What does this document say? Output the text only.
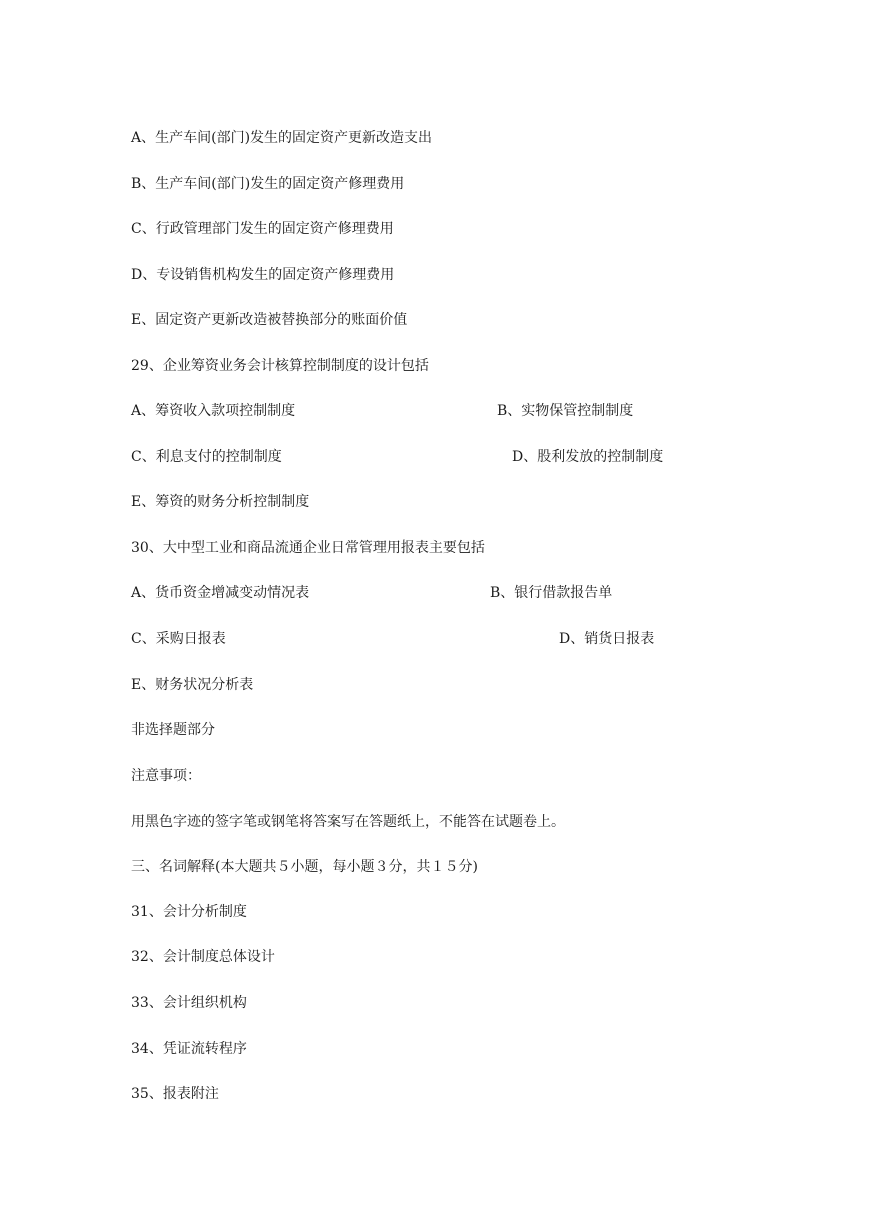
A、生产车间(部门)发生的固定资产更新改造支出
B、生产车间(部门)发生的固定资产修理费用
C、行政管理部门发生的固定资产修理费用
D、专设销售机构发生的固定资产修理费用
E、固定资产更新改造被替换部分的账面价值
29、企业筹资业务会计核算控制制度的设计包括
A、筹资收入款项控制制度	B、实物保管控制制度
C、利息支付的控制制度	D、股利发放的控制制度
E、筹资的财务分析控制制度
30、大中型工业和商品流通企业日常管理用报表主要包括
A、货币资金增减变动情况表	B、银行借款报告单
C、采购日报表	D、销货日报表
E、财务状况分析表
非选择题部分
注意事项：
用黑色字迹的签字笔或钢笔将答案写在答题纸上，不能答在试题卷上。
三、名词解释(本大题共５小题，每小题３分，共１５分)
31、会计分析制度
32、会计制度总体设计
33、会计组织机构
34、凭证流转程序
35、报表附注
